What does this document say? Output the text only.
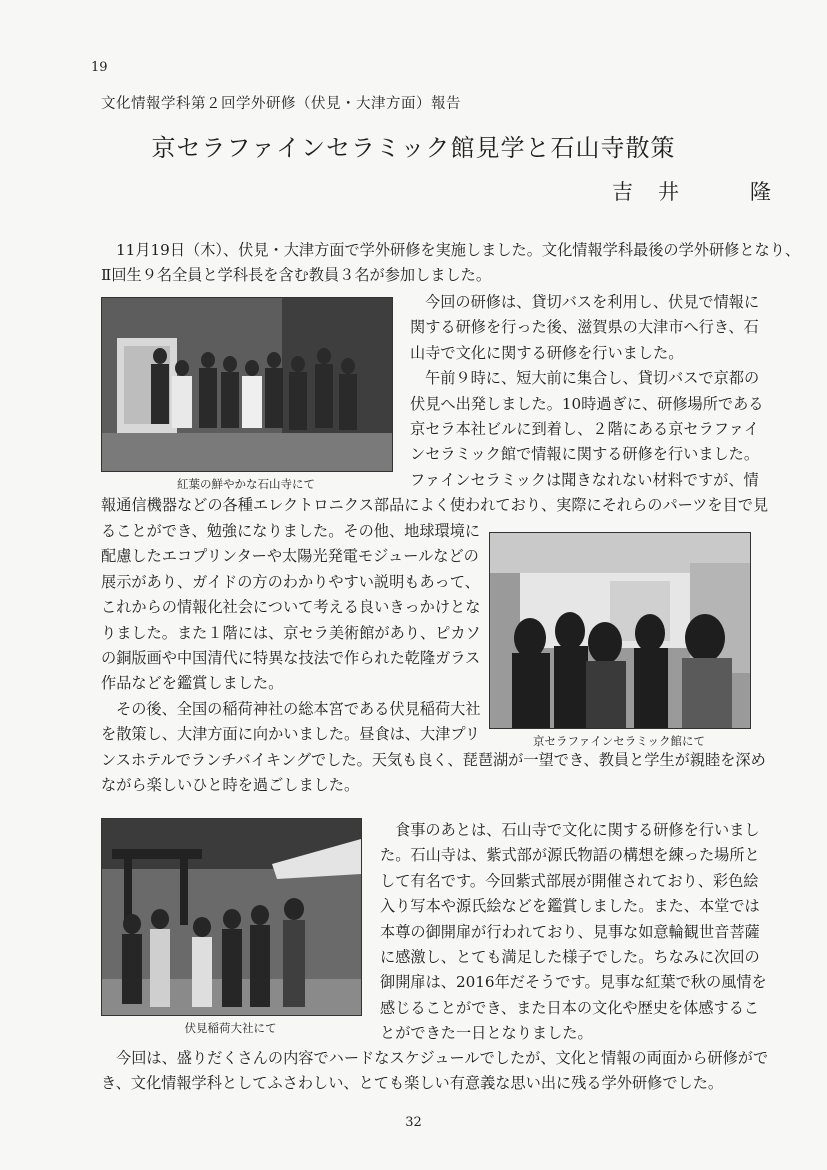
19
文化情報学科第２回学外研修（伏見・大津方面）報告
京セラファインセラミック館見学と石山寺散策
吉　井　　　隆
11月19日（木）、伏見・大津方面で学外研修を実施しました。文化情報学科最後の学外研修となり、
Ⅱ回生９名全員と学科長を含む教員３名が参加しました。
紅葉の鮮やかな石山寺にて
今回の研修は、貸切バスを利用し、伏見で情報に
関する研修を行った後、滋賀県の大津市へ行き、石
山寺で文化に関する研修を行いました。
午前９時に、短大前に集合し、貸切バスで京都の
伏見へ出発しました。10時過ぎに、研修場所である
京セラ本社ビルに到着し、２階にある京セラファイ
ンセラミック館で情報に関する研修を行いました。
ファインセラミックは聞きなれない材料ですが、情
報通信機器などの各種エレクトロニクス部品によく使われており、実際にそれらのパーツを目で見
ることができ、勉強になりました。その他、地球環境に
配慮したエコプリンターや太陽光発電モジュールなどの
展示があり、ガイドの方のわかりやすい説明もあって、
これからの情報化社会について考える良いきっかけとな
りました。また１階には、京セラ美術館があり、ピカソ
の銅版画や中国清代に特異な技法で作られた乾隆ガラス
作品などを鑑賞しました。
その後、全国の稲荷神社の総本宮である伏見稲荷大社
を散策し、大津方面に向かいました。昼食は、大津プリ	京セラファインセラミック館にて
ンスホテルでランチバイキングでした。天気も良く、琵琶湖が一望でき、教員と学生が親睦を深め
ながら楽しいひと時を過ごしました。
伏見稲荷大社にて
食事のあとは、石山寺で文化に関する研修を行いまし
た。石山寺は、紫式部が源氏物語の構想を練った場所と
して有名です。今回紫式部展が開催されており、彩色絵
入り写本や源氏絵などを鑑賞しました。また、本堂では
本尊の御開扉が行われており、見事な如意輪観世音菩薩
に感激し、とても満足した様子でした。ちなみに次回の
御開扉は、2016年だそうです。見事な紅葉で秋の風情を
感じることができ、また日本の文化や歴史を体感するこ
とができた一日となりました。
今回は、盛りだくさんの内容でハードなスケジュールでしたが、文化と情報の両面から研修がで
き、文化情報学科としてふさわしい、とても楽しい有意義な思い出に残る学外研修でした。
32
